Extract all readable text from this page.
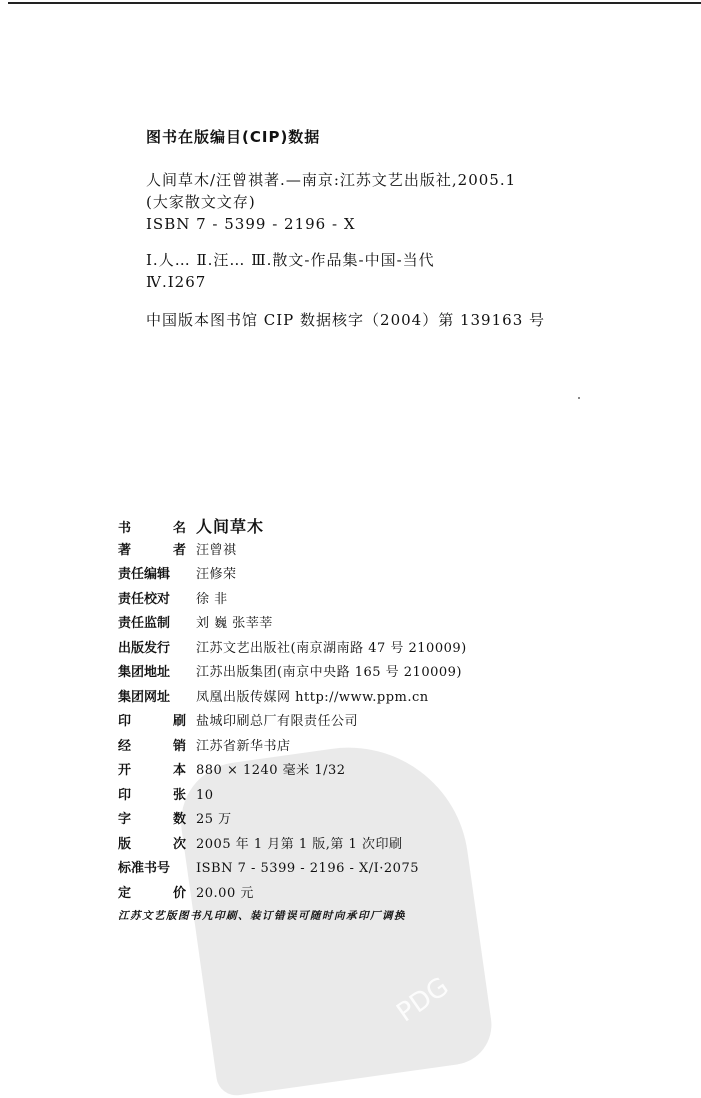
PDG
图书在版编目(CIP)数据
人间草木/汪曾祺著.—南京:江苏文艺出版社,2005.1
(大家散文文存)
ISBN 7 - 5399 - 2196 - X
Ⅰ.人… Ⅱ.汪… Ⅲ.散文-作品集-中国-当代
Ⅳ.I267
中国版本图书馆 CIP 数据核字（2004）第 139163 号
书	名 人间草木
著	者 汪曾祺
责任编辑	汪修荣
责任校对	徐 非
责任监制	刘 巍 张莘莘
出版发行	江苏文艺出版社(南京湖南路 47 号 210009)
集团地址	江苏出版集团(南京中央路 165 号 210009)
集团网址	凤凰出版传媒网 http://www.ppm.cn
印	刷 盐城印刷总厂有限责任公司
经	销 江苏省新华书店
开	本 880 × 1240 毫米 1/32
印	张 10
字	数 25 万
版	次 2005 年 1 月第 1 版,第 1 次印刷
标准书号	ISBN 7 - 5399 - 2196 - X/I·2075
定	价 20.00 元
江苏文艺版图书凡印刷、装订错误可随时向承印厂调换
